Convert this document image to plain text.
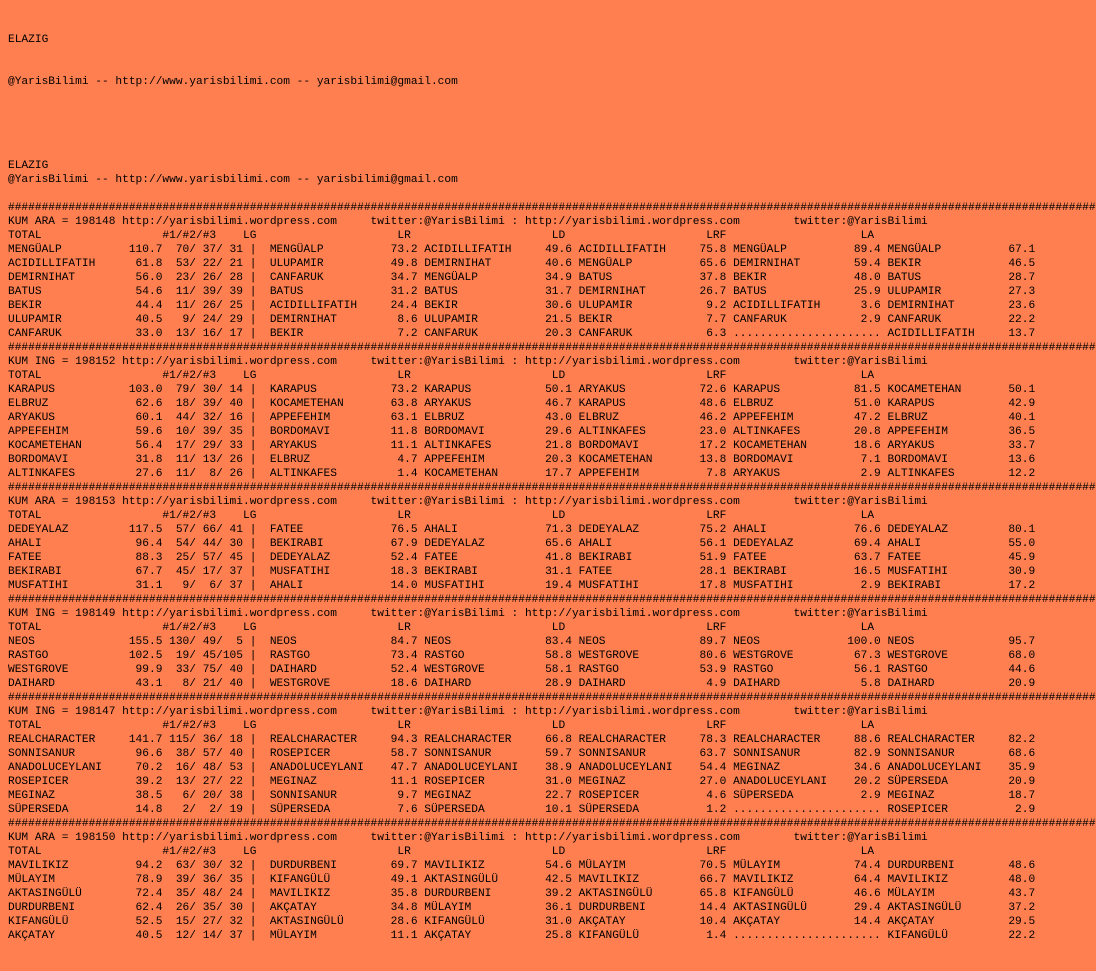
ELAZIG

@YarisBilimi -- http://www.yarisbilimi.com -- yarisbilimi@gmail.com

ELAZIG
@YarisBilimi -- http://www.yarisbilimi.com -- yarisbilimi@gmail.com
##################################################################################################################################################################
KUM ARA = 198148 http://yarisbilimi.wordpress.com     twitter:@YarisBilimi : http://yarisbilimi.wordpress.com        twitter:@YarisBilimi
TOTAL                  #1/#2/#3    LG                     LR                     LD                     LRF                    LA
MENGÜALP          110.7  70/ 37/ 31 |  MENGÜALP          73.2 ACIDILLIFATIH     49.6 ACIDILLIFATIH     75.8 MENGÜALP          89.4 MENGÜALP          67.1
ACIDILLIFATIH      61.8  53/ 22/ 21 |  ULUPAMIR          49.8 DEMIRNIHAT        40.6 MENGÜALP          65.6 DEMIRNIHAT        59.4 BEKIR             46.5
DEMIRNIHAT         56.0  23/ 26/ 28 |  CANFARUK          34.7 MENGÜALP          34.9 BATUS             37.8 BEKIR             48.0 BATUS             28.7
BATUS              54.6  11/ 39/ 39 |  BATUS             31.2 BATUS             31.7 DEMIRNIHAT        26.7 BATUS             25.9 ULUPAMIR          27.3
BEKIR              44.4  11/ 26/ 25 |  ACIDILLIFATIH     24.4 BEKIR             30.6 ULUPAMIR           9.2 ACIDILLIFATIH      3.6 DEMIRNIHAT        23.6
ULUPAMIR           40.5   9/ 24/ 29 |  DEMIRNIHAT         8.6 ULUPAMIR          21.5 BEKIR              7.7 CANFARUK           2.9 CANFARUK          22.2
CANFARUK           33.0  13/ 16/ 17 |  BEKIR              7.2 CANFARUK          20.3 CANFARUK           6.3 ...................... ACIDILLIFATIH     13.7
##################################################################################################################################################################
KUM ING = 198152 http://yarisbilimi.wordpress.com     twitter:@YarisBilimi : http://yarisbilimi.wordpress.com        twitter:@YarisBilimi
TOTAL                  #1/#2/#3    LG                     LR                     LD                     LRF                    LA
KARAPUS           103.0  79/ 30/ 14 |  KARAPUS           73.2 KARAPUS           50.1 ARYAKUS           72.6 KARAPUS           81.5 KOCAMETEHAN       50.1
ELBRUZ             62.6  18/ 39/ 40 |  KOCAMETEHAN       63.8 ARYAKUS           46.7 KARAPUS           48.6 ELBRUZ            51.0 KARAPUS           42.9
ARYAKUS            60.1  44/ 32/ 16 |  APPEFEHIM         63.1 ELBRUZ            43.0 ELBRUZ            46.2 APPEFEHIM         47.2 ELBRUZ            40.1
APPEFEHIM          59.6  10/ 39/ 35 |  BORDOMAVI         11.8 BORDOMAVI         29.6 ALTINKAFES        23.0 ALTINKAFES        20.8 APPEFEHIM         36.5
KOCAMETEHAN        56.4  17/ 29/ 33 |  ARYAKUS           11.1 ALTINKAFES        21.8 BORDOMAVI         17.2 KOCAMETEHAN       18.6 ARYAKUS           33.7
BORDOMAVI          31.8  11/ 13/ 26 |  ELBRUZ             4.7 APPEFEHIM         20.3 KOCAMETEHAN       13.8 BORDOMAVI          7.1 BORDOMAVI         13.6
ALTINKAFES         27.6  11/  8/ 26 |  ALTINKAFES         1.4 KOCAMETEHAN       17.7 APPEFEHIM          7.8 ARYAKUS            2.9 ALTINKAFES        12.2
##################################################################################################################################################################
KUM ARA = 198153 http://yarisbilimi.wordpress.com     twitter:@YarisBilimi : http://yarisbilimi.wordpress.com        twitter:@YarisBilimi
TOTAL                  #1/#2/#3    LG                     LR                     LD                     LRF                    LA
DEDEYALAZ         117.5  57/ 66/ 41 |  FATEE             76.5 AHALI             71.3 DEDEYALAZ         75.2 AHALI             76.6 DEDEYALAZ         80.1
AHALI              96.4  54/ 44/ 30 |  BEKIRABI          67.9 DEDEYALAZ         65.6 AHALI             56.1 DEDEYALAZ         69.4 AHALI             55.0
FATEE              88.3  25/ 57/ 45 |  DEDEYALAZ         52.4 FATEE             41.8 BEKIRABI          51.9 FATEE             63.7 FATEE             45.9
BEKIRABI           67.7  45/ 17/ 37 |  MUSFATIHI         18.3 BEKIRABI          31.1 FATEE             28.1 BEKIRABI          16.5 MUSFATIHI         30.9
MUSFATIHI          31.1   9/  6/ 37 |  AHALI             14.0 MUSFATIHI         19.4 MUSFATIHI         17.8 MUSFATIHI          2.9 BEKIRABI          17.2
##################################################################################################################################################################
KUM ING = 198149 http://yarisbilimi.wordpress.com     twitter:@YarisBilimi : http://yarisbilimi.wordpress.com        twitter:@YarisBilimi
TOTAL                  #1/#2/#3    LG                     LR                     LD                     LRF                    LA
NEOS              155.5 130/ 49/  5 |  NEOS              84.7 NEOS              83.4 NEOS              89.7 NEOS             100.0 NEOS              95.7
RASTGO            102.5  19/ 45/105 |  RASTGO            73.4 RASTGO            58.8 WESTGROVE         80.6 WESTGROVE         67.3 WESTGROVE         68.0
WESTGROVE          99.9  33/ 75/ 40 |  DAIHARD           52.4 WESTGROVE         58.1 RASTGO            53.9 RASTGO            56.1 RASTGO            44.6
DAIHARD            43.1   8/ 21/ 40 |  WESTGROVE         18.6 DAIHARD           28.9 DAIHARD            4.9 DAIHARD            5.8 DAIHARD           20.9
##################################################################################################################################################################
KUM ING = 198147 http://yarisbilimi.wordpress.com     twitter:@YarisBilimi : http://yarisbilimi.wordpress.com        twitter:@YarisBilimi
TOTAL                  #1/#2/#3    LG                     LR                     LD                     LRF                    LA
REALCHARACTER     141.7 115/ 36/ 18 |  REALCHARACTER     94.3 REALCHARACTER     66.8 REALCHARACTER     78.3 REALCHARACTER     88.6 REALCHARACTER     82.2
SONNISANUR         96.6  38/ 57/ 40 |  ROSEPICER         58.7 SONNISANUR        59.7 SONNISANUR        63.7 SONNISANUR        82.9 SONNISANUR        68.6
ANADOLUCEYLANI     70.2  16/ 48/ 53 |  ANADOLUCEYLANI    47.7 ANADOLUCEYLANI    38.9 ANADOLUCEYLANI    54.4 MEGINAZ           34.6 ANADOLUCEYLANI    35.9
ROSEPICER          39.2  13/ 27/ 22 |  MEGINAZ           11.1 ROSEPICER         31.0 MEGINAZ           27.0 ANADOLUCEYLANI    20.2 SÜPERSEDA         20.9
MEGINAZ            38.5   6/ 20/ 38 |  SONNISANUR         9.7 MEGINAZ           22.7 ROSEPICER          4.6 SÜPERSEDA          2.9 MEGINAZ           18.7
SÜPERSEDA          14.8   2/  2/ 19 |  SÜPERSEDA          7.6 SÜPERSEDA         10.1 SÜPERSEDA          1.2 ...................... ROSEPICER          2.9
##################################################################################################################################################################
KUM ARA = 198150 http://yarisbilimi.wordpress.com     twitter:@YarisBilimi : http://yarisbilimi.wordpress.com        twitter:@YarisBilimi
TOTAL                  #1/#2/#3    LG                     LR                     LD                     LRF                    LA
MAVILIKIZ          94.2  63/ 30/ 32 |  DURDURBENI        69.7 MAVILIKIZ         54.6 MÜLAYIM           70.5 MÜLAYIM           74.4 DURDURBENI        48.6
MÜLAYIM            78.9  39/ 36/ 35 |  KIFANGÜLÜ         49.1 AKTASINGÜLÜ       42.5 MAVILIKIZ         66.7 MAVILIKIZ         64.4 MAVILIKIZ         48.0
AKTASINGÜLÜ        72.4  35/ 48/ 24 |  MAVILIKIZ         35.8 DURDURBENI        39.2 AKTASINGÜLÜ       65.8 KIFANGÜLÜ         46.6 MÜLAYIM           43.7
DURDURBENI         62.4  26/ 35/ 30 |  AKÇATAY           34.8 MÜLAYIM           36.1 DURDURBENI        14.4 AKTASINGÜLÜ       29.4 AKTASINGÜLÜ       37.2
KIFANGÜLÜ          52.5  15/ 27/ 32 |  AKTASINGÜLÜ       28.6 KIFANGÜLÜ         31.0 AKÇATAY           10.4 AKÇATAY           14.4 AKÇATAY           29.5
AKÇATAY            40.5  12/ 14/ 37 |  MÜLAYIM           11.1 AKÇATAY           25.8 KIFANGÜLÜ          1.4 ...................... KIFANGÜLÜ         22.2
